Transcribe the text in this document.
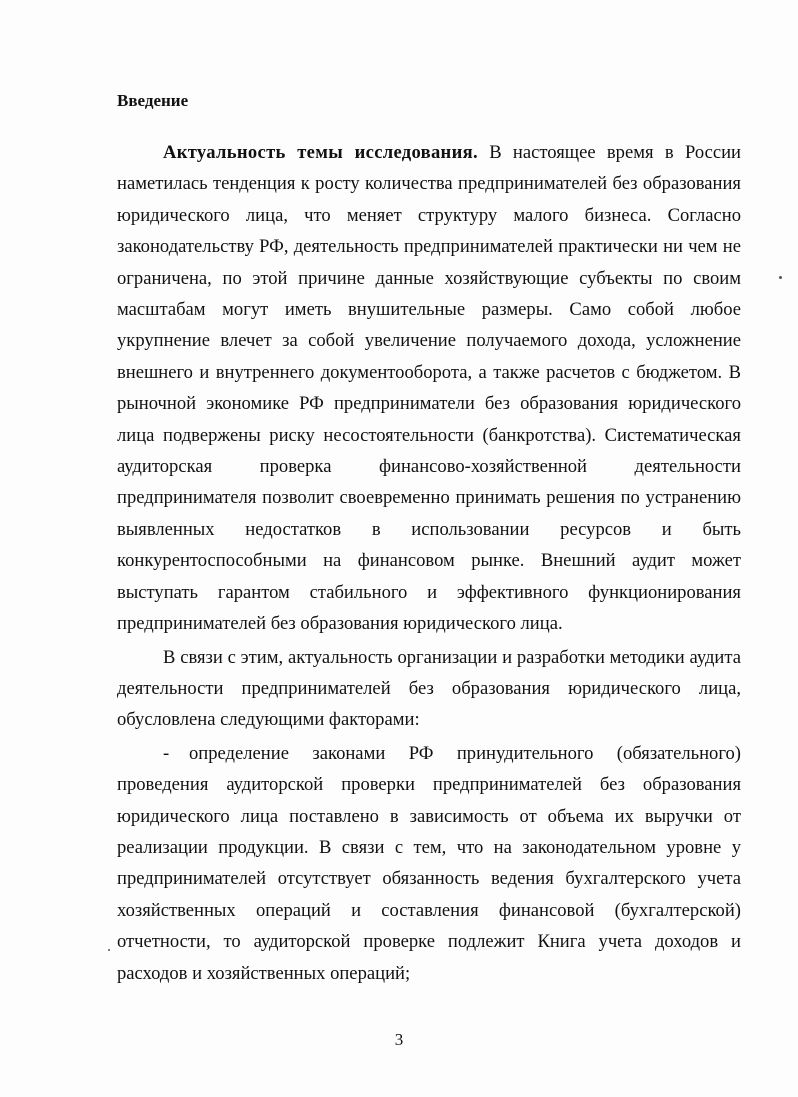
Введение

Актуальность темы исследования. В настоящее время в России наметилась тенденция к росту количества предпринимателей без образования юридического лица, что меняет структуру малого бизнеса. Согласно законодательству РФ, деятельность предпринимателей практически ни чем не ограничена, по этой причине данные хозяйствующие субъекты по своим масштабам могут иметь внушительные размеры. Само собой любое укрупнение влечет за собой увеличение получаемого дохода, усложнение внешнего и внутреннего документооборота, а также расчетов с бюджетом. В рыночной экономике РФ предприниматели без образования юридического лица подвержены риску несостоятельности (банкротства). Систематическая аудиторская проверка финансово-хозяйственной деятельности предпринимателя позволит своевременно принимать решения по устранению выявленных недостатков в использовании ресурсов и быть конкурентоспособными на финансовом рынке. Внешний аудит может выступать гарантом стабильного и эффективного функционирования предпринимателей без образования юридического лица.

В связи с этим, актуальность организации и разработки методики аудита деятельности предпринимателей без образования юридического лица, обусловлена следующими факторами:

- определение законами РФ принудительного (обязательного) проведения аудиторской проверки предпринимателей без образования юридического лица поставлено в зависимость от объема их выручки от реализации продукции. В связи с тем, что на законодательном уровне у предпринимателей отсутствует обязанность ведения бухгалтерского учета хозяйственных операций и составления финансовой (бухгалтерской) отчетности, то аудиторской проверке подлежит Книга учета доходов и расходов и хозяйственных операций;

3
